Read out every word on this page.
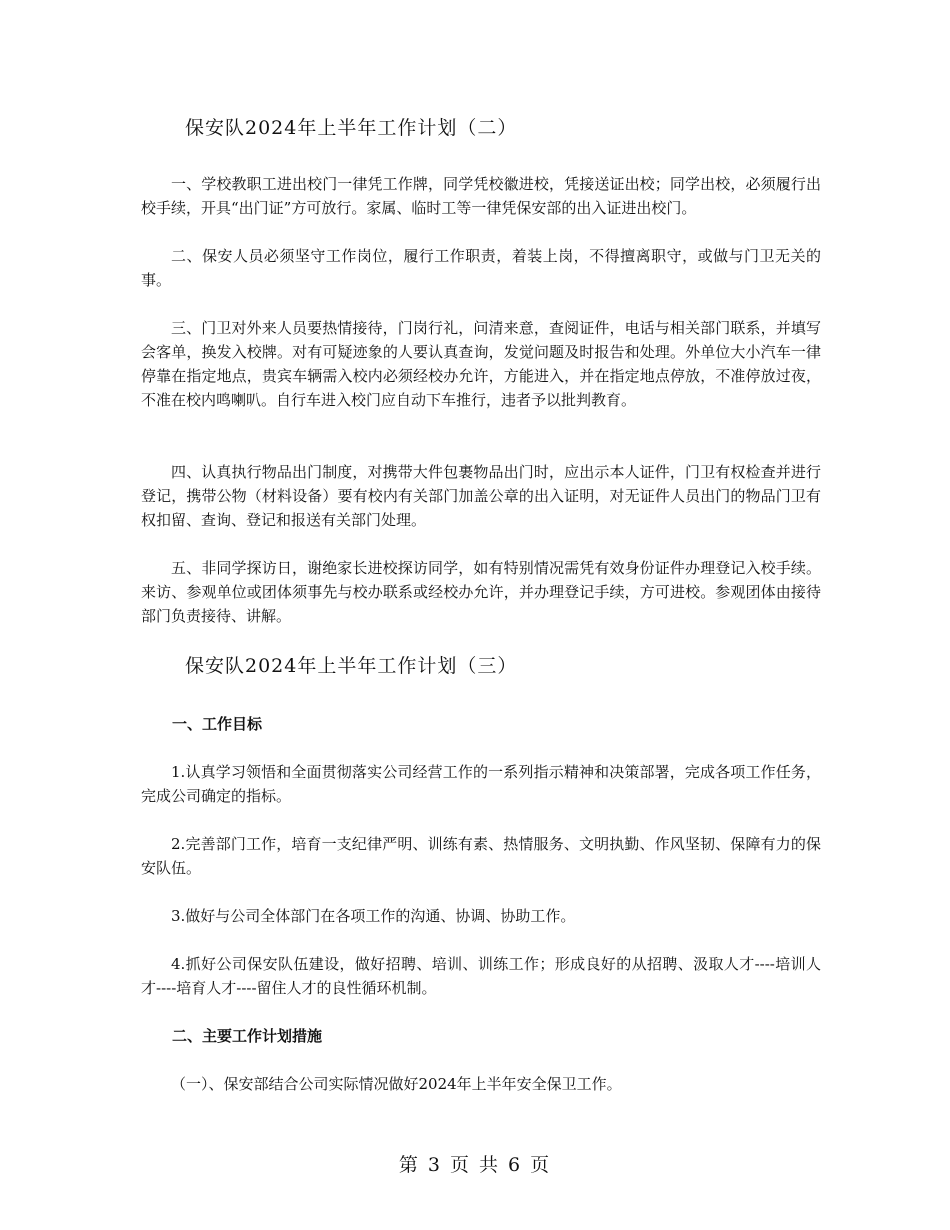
保安队2024年上半年工作计划（二）

一、学校教职工进出校门一律凭工作牌，同学凭校徽进校，凭接送证出校；同学出校，必须履行出校手续，开具“出门证”方可放行。家属、临时工等一律凭保安部的出入证进出校门。

二、保安人员必须坚守工作岗位，履行工作职责，着装上岗，不得擅离职守，或做与门卫无关的事。

三、门卫对外来人员要热情接待，门岗行礼，问清来意，查阅证件，电话与相关部门联系，并填写会客单，换发入校牌。对有可疑迹象的人要认真查询，发觉问题及时报告和处理。外单位大小汽车一律停靠在指定地点，贵宾车辆需入校内必须经校办允许，方能进入，并在指定地点停放，不准停放过夜，不准在校内鸣喇叭。自行车进入校门应自动下车推行，违者予以批判教育。

四、认真执行物品出门制度，对携带大件包裹物品出门时，应出示本人证件，门卫有权检查并进行登记，携带公物（材料设备）要有校内有关部门加盖公章的出入证明，对无证件人员出门的物品门卫有权扣留、查询、登记和报送有关部门处理。

五、非同学探访日，谢绝家长进校探访同学，如有特别情况需凭有效身份证件办理登记入校手续。来访、参观单位或团体须事先与校办联系或经校办允许，并办理登记手续，方可进校。参观团体由接待部门负责接待、讲解。

保安队2024年上半年工作计划（三）
一、工作目标

1.认真学习领悟和全面贯彻落实公司经营工作的一系列指示精神和决策部署，完成各项工作任务，完成公司确定的指标。

2.完善部门工作，培育一支纪律严明、训练有素、热情服务、文明执勤、作风坚韧、保障有力的保安队伍。

3.做好与公司全体部门在各项工作的沟通、协调、协助工作。

4.抓好公司保安队伍建设，做好招聘、培训、训练工作；形成良好的从招聘、汲取人才----培训人才----培育人才----留住人才的良性循环机制。

二、主要工作计划措施

（一）、保安部结合公司实际情况做好2024年上半年安全保卫工作。

第 3 页 共 6 页
